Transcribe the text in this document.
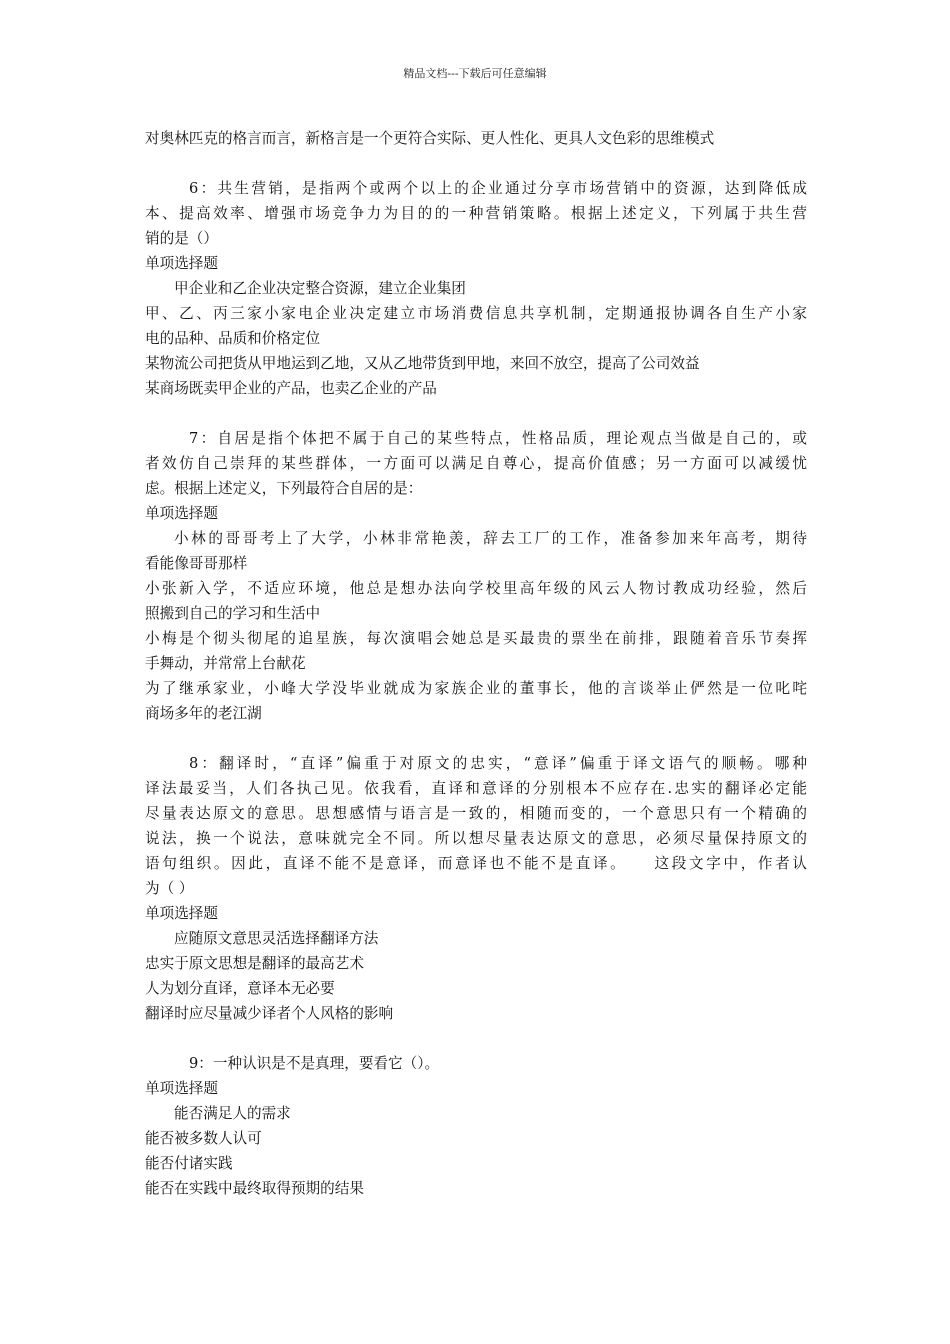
精品文档---下载后可任意编辑
对奥林匹克的格言而言，新格言是一个更符合实际、更人性化、更具人文色彩的思维模式
6：共生营销，是指两个或两个以上的企业通过分享市场营销中的资源，达到降低成
本、提高效率、增强市场竞争力为目的的一种营销策略。根据上述定义，下列属于共生营
销的是（）
单项选择题
甲企业和乙企业决定整合资源，建立企业集团
甲、乙、丙三家小家电企业决定建立市场消费信息共享机制，定期通报协调各自生产小家
电的品种、品质和价格定位
某物流公司把货从甲地运到乙地，又从乙地带货到甲地，来回不放空，提高了公司效益
某商场既卖甲企业的产品，也卖乙企业的产品
7：自居是指个体把不属于自己的某些特点，性格品质，理论观点当做是自己的，或
者效仿自己崇拜的某些群体，一方面可以满足自尊心，提高价值感；另一方面可以减缓忧
虑。根据上述定义，下列最符合自居的是：
单项选择题
小林的哥哥考上了大学，小林非常艳羡，辞去工厂的工作，准备参加来年高考，期待
看能像哥哥那样
小张新入学，不适应环境，他总是想办法向学校里高年级的风云人物讨教成功经验，然后
照搬到自己的学习和生活中
小梅是个彻头彻尾的追星族，每次演唱会她总是买最贵的票坐在前排，跟随着音乐节奏挥
手舞动，并常常上台献花
为了继承家业，小峰大学没毕业就成为家族企业的董事长，他的言谈举止俨然是一位叱咤
商场多年的老江湖
8：翻译时，“直译”偏重于对原文的忠实，“意译”偏重于译文语气的顺畅。哪种
译法最妥当，人们各执己见。依我看，直译和意译的分别根本不应存在.忠实的翻译必定能
尽量表达原文的意思。思想感情与语言是一致的，相随而变的，一个意思只有一个精确的
说法，换一个说法，意味就完全不同。所以想尽量表达原文的意思，必须尽量保持原文的
语句组织。因此，直译不能不是意译，而意译也不能不是直译。　　这段文字中，作者认
为（ ）
单项选择题
应随原文意思灵活选择翻译方法
忠实于原文思想是翻译的最高艺术
人为划分直译，意译本无必要
翻译时应尽量减少译者个人风格的影响
9：一种认识是不是真理，要看它（）。
单项选择题
能否满足人的需求
能否被多数人认可
能否付诸实践
能否在实践中最终取得预期的结果
